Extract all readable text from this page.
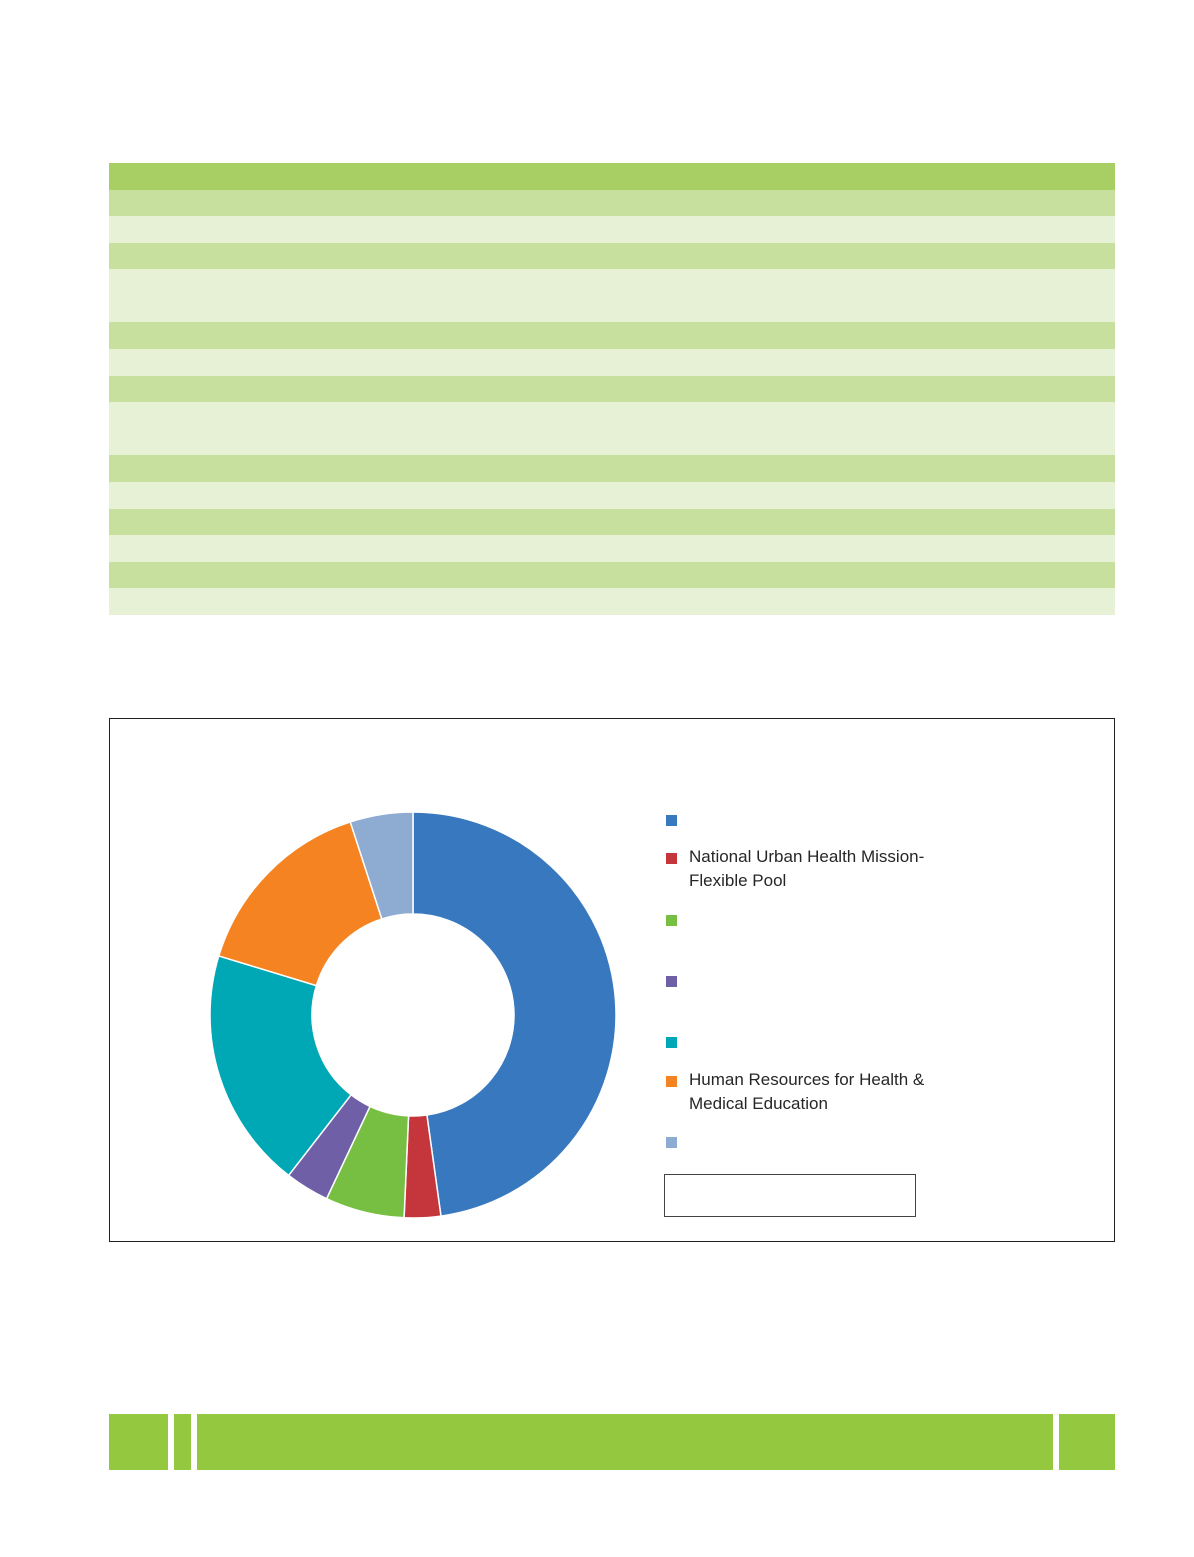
National Urban Health Mission-
Flexible Pool
Human Resources for Health &
Medical Education
